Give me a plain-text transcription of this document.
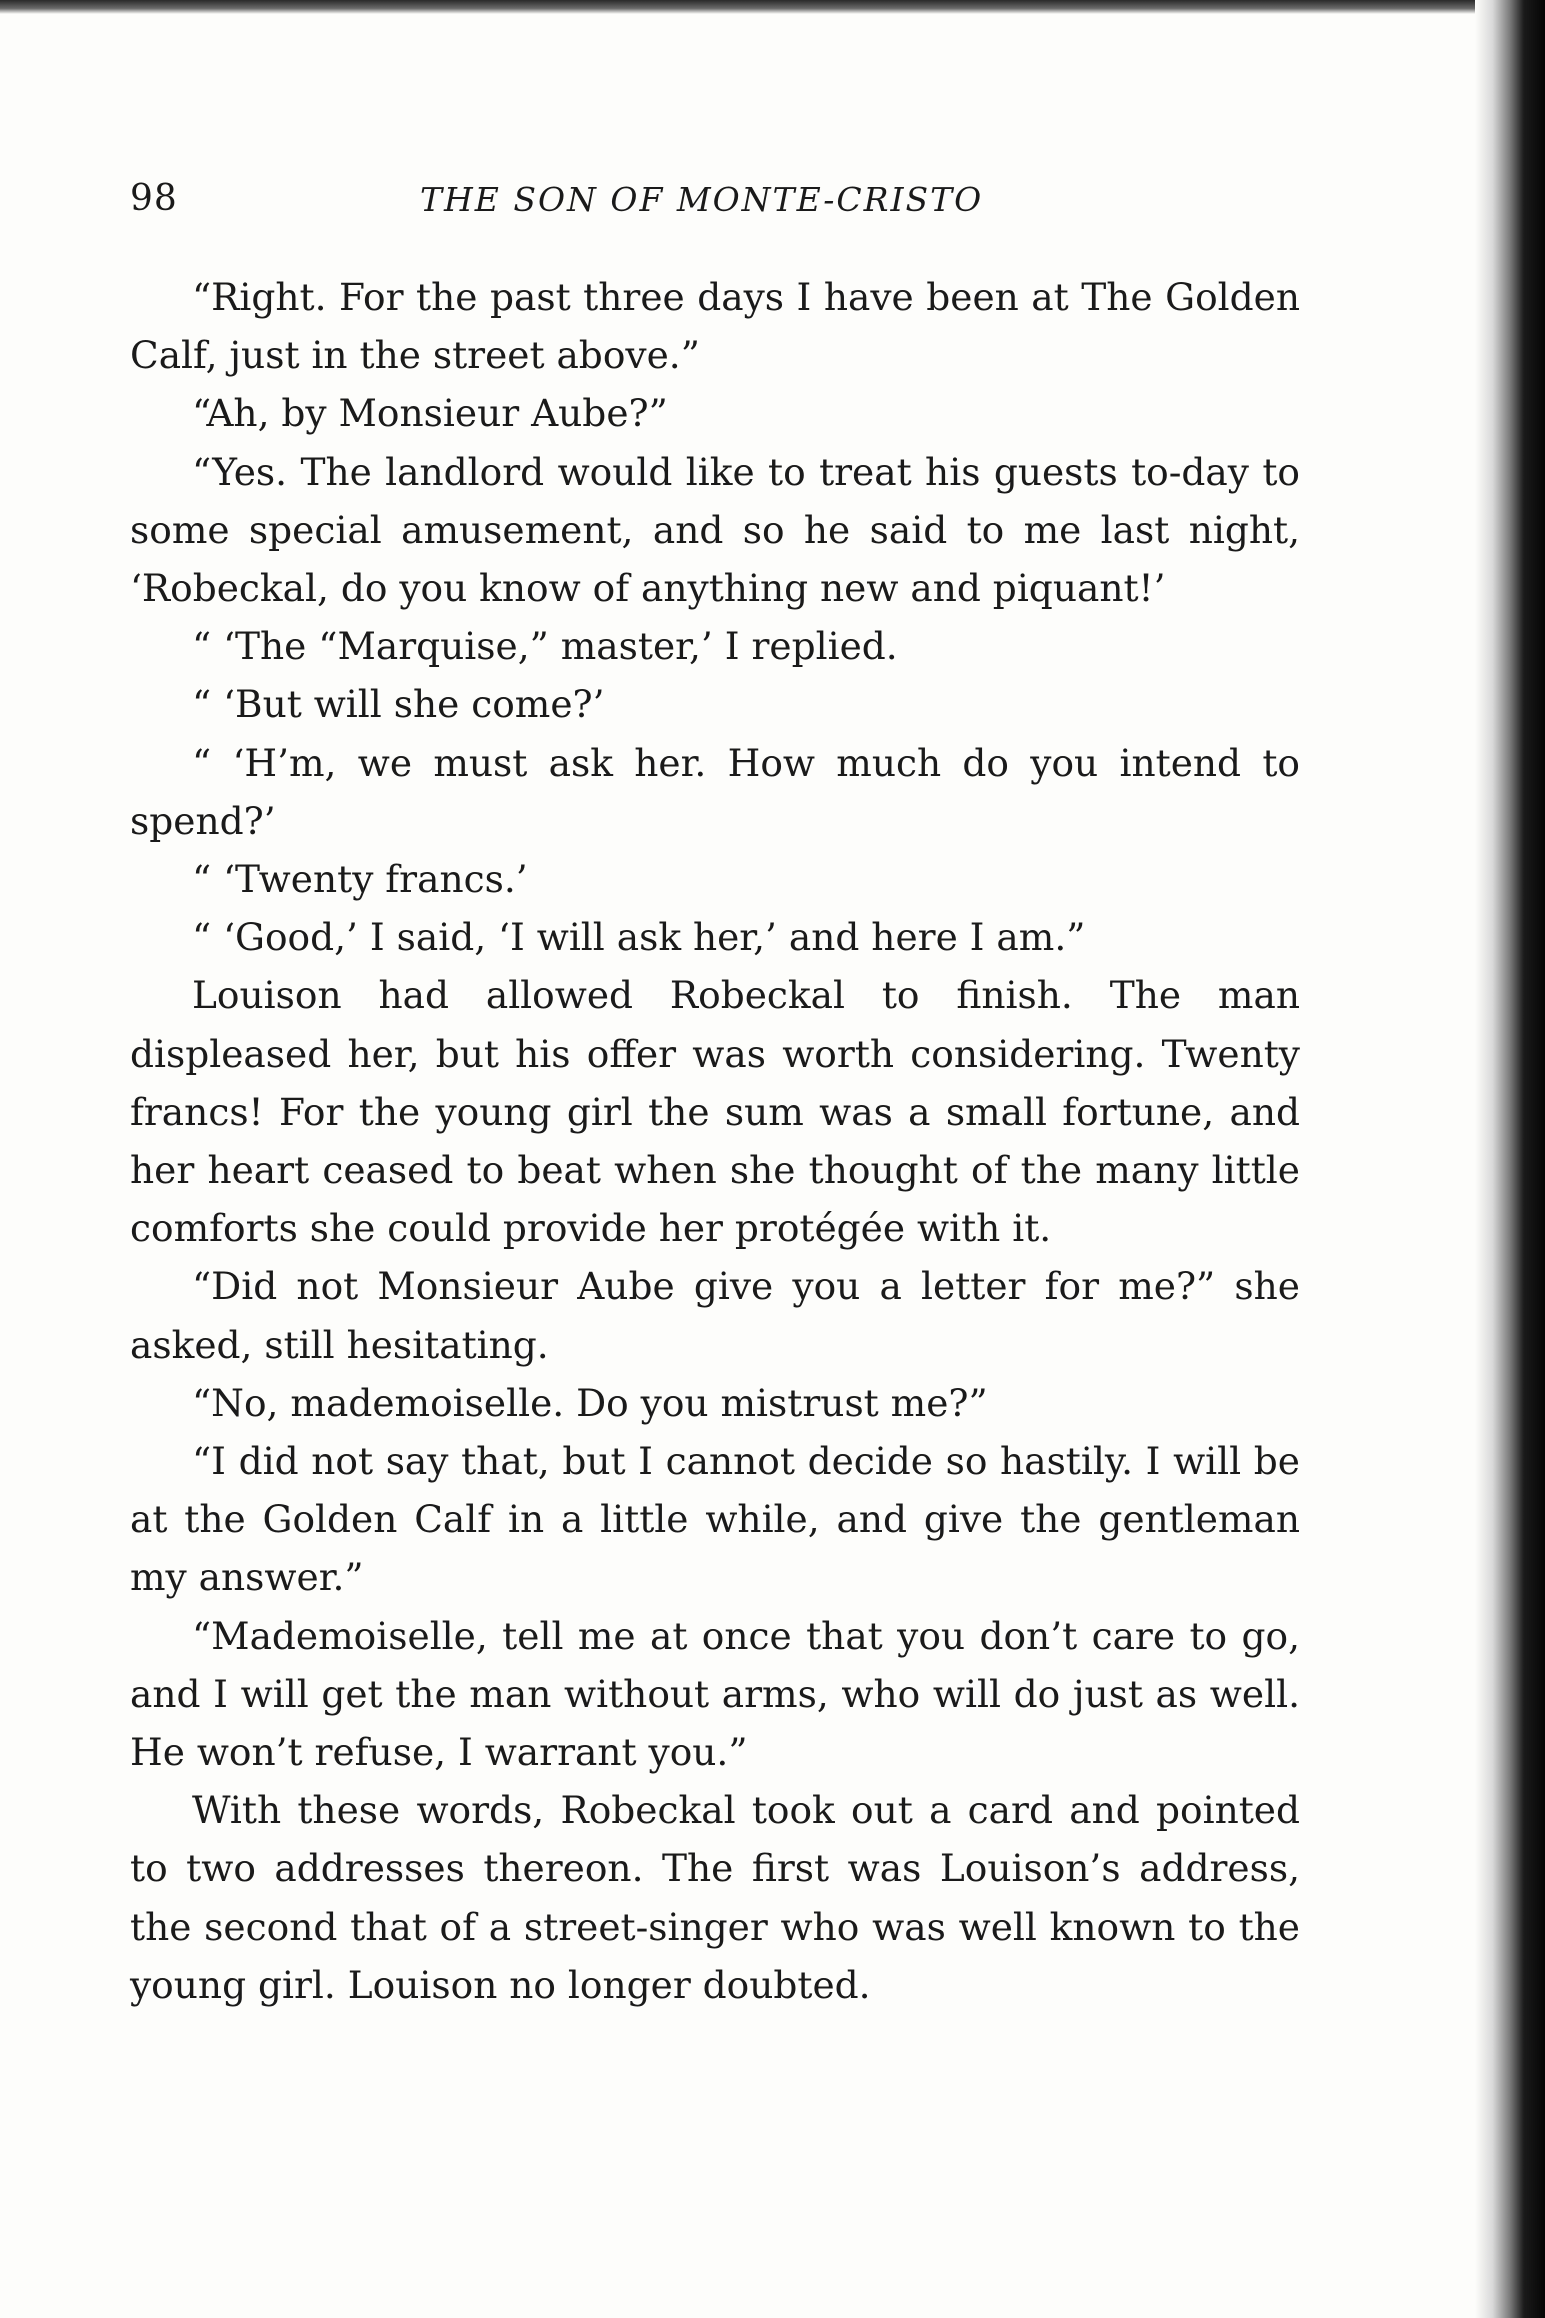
98	THE SON OF MONTE-CRISTO

“Right. For the past three days I have been at The Golden Calf, just in the street above.”

“Ah, by Monsieur Aube?”

“Yes. The landlord would like to treat his guests to-day to some special amusement, and so he said to me last night, ‘Robeckal, do you know of anything new and piquant!’

“ ‘The “Marquise,” master,’ I replied.

“ ‘But will she come?’

“ ‘H’m, we must ask her. How much do you intend to spend?’

“ ‘Twenty francs.’

“ ‘Good,’ I said, ‘I will ask her,’ and here I am.”

Louison had allowed Robeckal to finish. The man displeased her, but his offer was worth considering. Twenty francs! For the young girl the sum was a small fortune, and her heart ceased to beat when she thought of the many little comforts she could provide her protégée with it.

“Did not Monsieur Aube give you a letter for me?” she asked, still hesitating.

“No, mademoiselle. Do you mistrust me?”

“I did not say that, but I cannot decide so hastily. I will be at the Golden Calf in a little while, and give the gentleman my answer.”

“Mademoiselle, tell me at once that you don’t care to go, and I will get the man without arms, who will do just as well. He won’t refuse, I warrant you.”

With these words, Robeckal took out a card and pointed to two addresses thereon. The first was Louison’s address, the second that of a street-singer who was well known to the young girl. Louison no longer doubted.
